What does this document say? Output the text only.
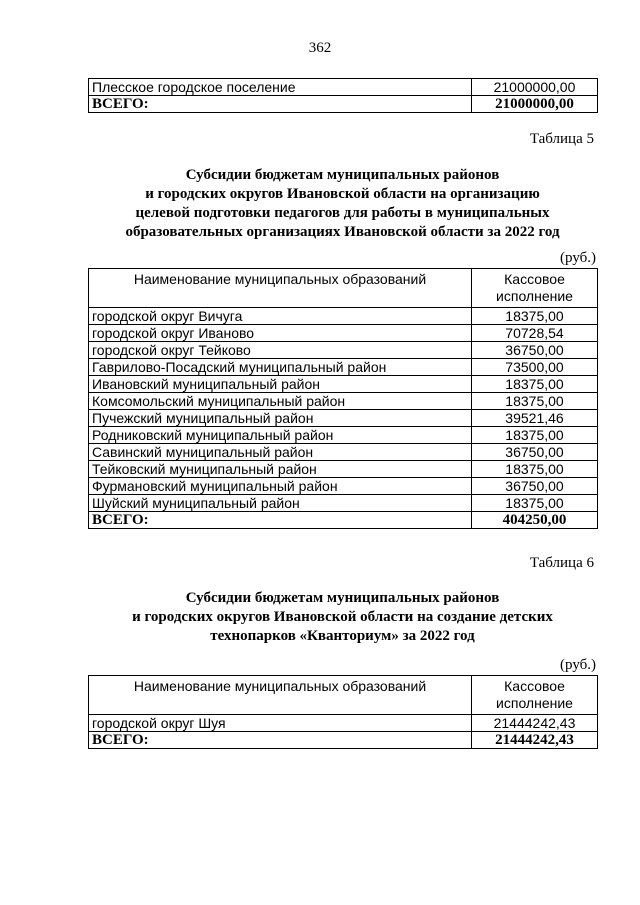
362
Плесское городское поселение	21000000,00
ВСЕГО:	21000000,00
Таблица 5
Субсидии бюджетам муниципальных районов
и городских округов Ивановской области на организацию
целевой подготовки педагогов для работы в муниципальных
образовательных организациях Ивановской области за 2022 год
(руб.)
Наименование муниципальных образований	Кассовое
исполнение

городской округ Вичуга	18375,00
городской округ Иваново	70728,54
городской округ Тейково	36750,00
Гаврилово-Посадский муниципальный район	73500,00
Ивановский муниципальный район	18375,00
Комсомольский муниципальный район	18375,00
Пучежский муниципальный район	39521,46
Родниковский муниципальный район	18375,00
Савинский муниципальный район	36750,00
Тейковский муниципальный район	18375,00
Фурмановский муниципальный район	36750,00
Шуйский муниципальный район	18375,00
ВСЕГО:	404250,00
Таблица 6
Субсидии бюджетам муниципальных районов
и городских округов Ивановской области на создание детских
технопарков «Кванториум» за 2022 год
(руб.)
Наименование муниципальных образований	Кассовое
исполнение

городской округ Шуя	21444242,43
ВСЕГО:	21444242,43
